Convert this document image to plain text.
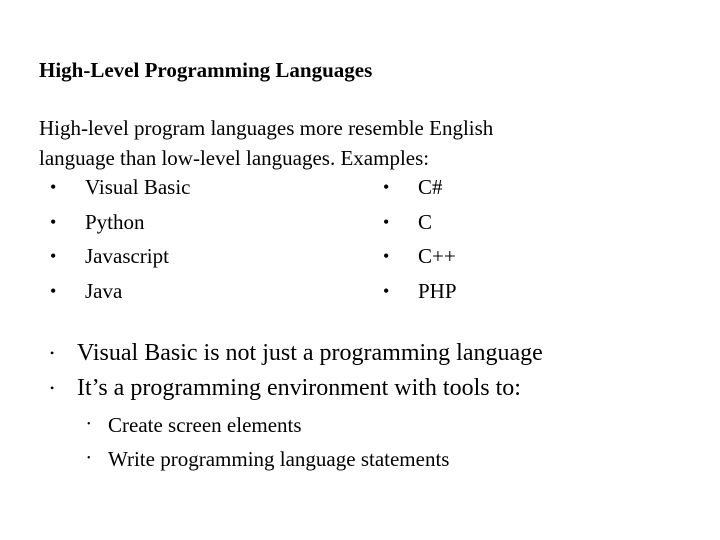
High-Level Programming Languages
High-level program languages more resemble English
language than low-level languages. Examples:
• Visual Basic
• Python
• Javascript
• Java
• C#
• C
• C++
• PHP
• Visual Basic is not just a programming language
• It’s a programming environment with tools to:
• Create screen elements
• Write programming language statements
